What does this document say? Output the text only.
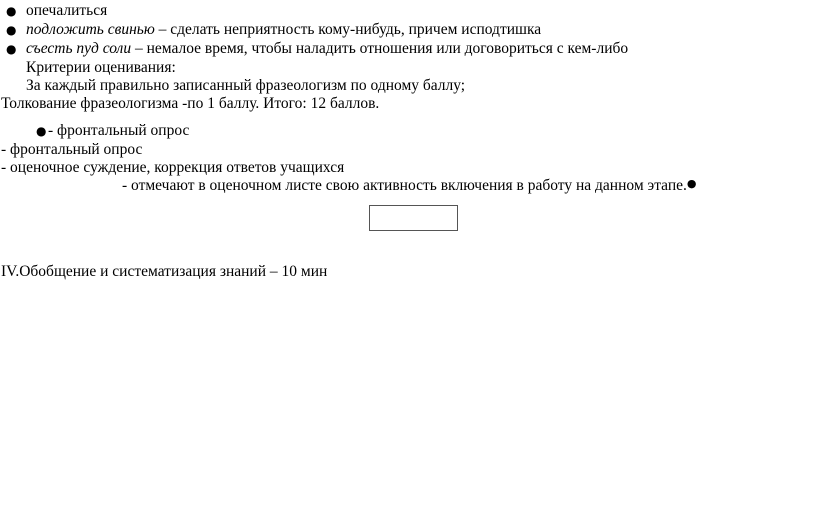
● опечалиться
● подложить свинью – сделать неприятность кому-нибудь, причем исподтишка
● съесть пуд соли – немалое время, чтобы наладить отношения или договориться с кем-либо
Критерии оценивания:
За каждый правильно записанный фразеологизм по одному баллу;
Толкование фразеологизма -по 1 баллу. Итого: 12 баллов.
● - фронтальный опрос
- фронтальный опрос
- оценочное суждение, коррекция ответов учащихся
- отмечают в оценочном листе свою активность включения в работу на данном этапе.●
IV.Обобщение и систематизация знаний – 10 мин
